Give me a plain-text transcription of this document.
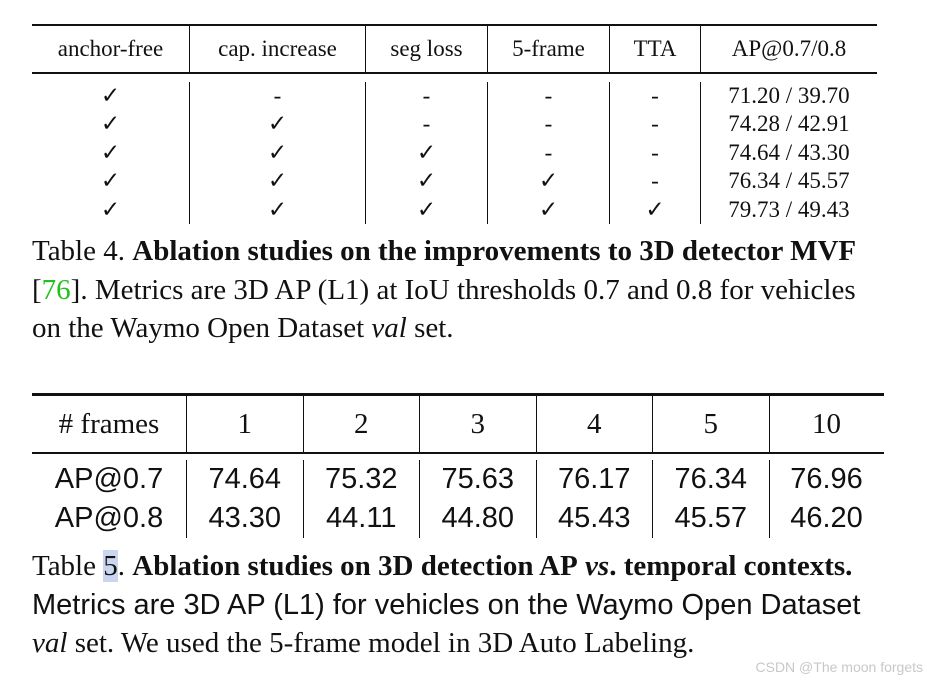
anchor-free	cap. increase	seg loss	5-frame	TTA	AP@0.7/0.8
✓	-	-	-	-	71.20 / 39.70
✓	✓	-	-	-	74.28 / 42.91
✓	✓	✓	-	-	74.64 / 43.30
✓	✓	✓	✓	-	76.34 / 45.57
✓	✓	✓	✓	✓	79.73 / 49.43
Table 4. Ablation studies on the improvements to 3D detector MVF [76]. Metrics are 3D AP (L1) at IoU thresholds 0.7 and 0.8 for vehicles on the Waymo Open Dataset val set.
# frames	1	2	3	4	5	10
AP@0.7	74.64	75.32	75.63	76.17	76.34	76.96
AP@0.8	43.30	44.11	44.80	45.43	45.57	46.20
Table 5. Ablation studies on 3D detection AP vs. temporal contexts. Metrics are 3D AP (L1) for vehicles on the Waymo Open Dataset val set. We used the 5-frame model in 3D Auto Labeling.
CSDN @The moon forgets
